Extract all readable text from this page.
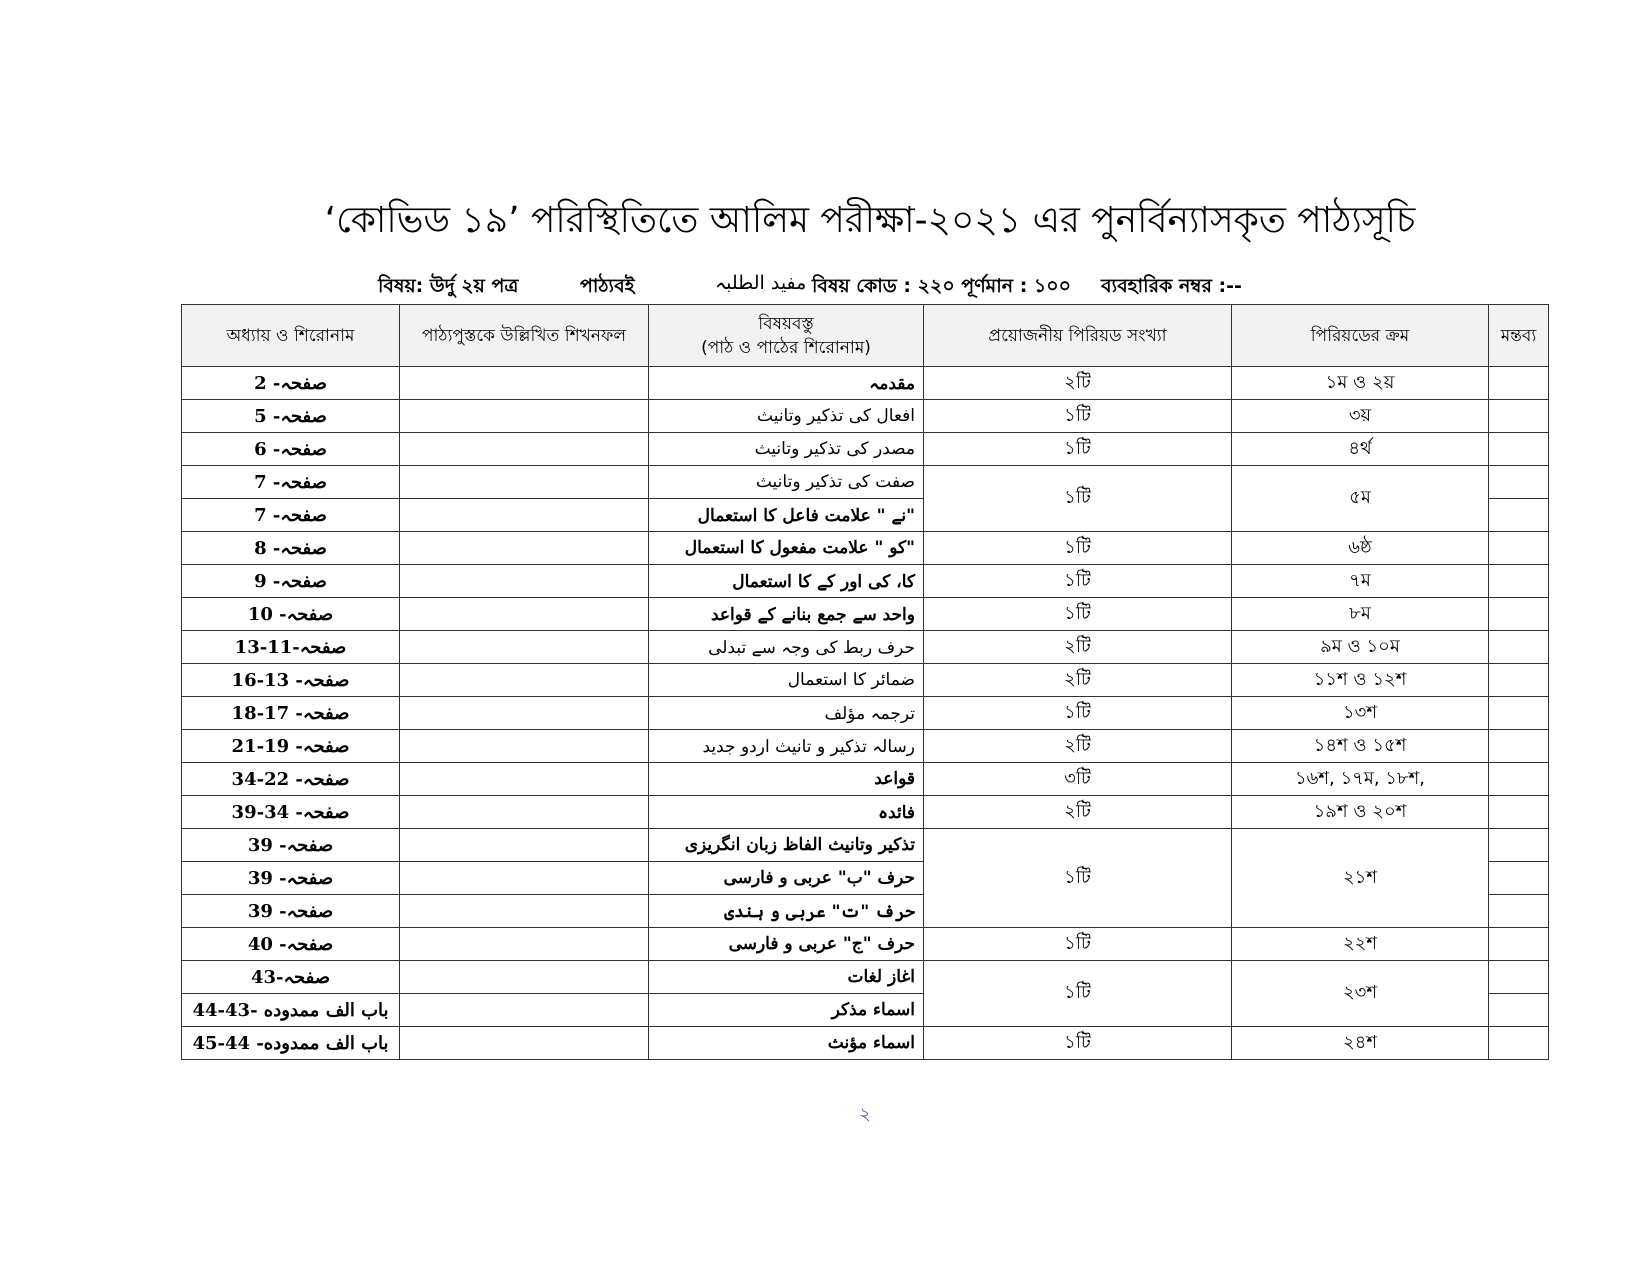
‘কোভিড ১৯’ পরিস্থিতিতে আলিম পরীক্ষা-২০২১ এর পুনর্বিন্যাসকৃত পাঠ্যসূচি
বিষয়: উর্দু ২য় পত্র	পাঠ্যবই	مفید الطلبہ বিষয় কোড : ২২০ পূর্ণমান : ১০০ ব্যবহারিক নম্বর :--
অধ্যায় ও শিরোনাম	পাঠ্যপুস্তকে উল্লিখিত শিখনফল	বিষয়বস্তু
(পাঠ ও পাঠের শিরোনাম)	প্রয়োজনীয় পিরিয়ড সংখ্যা	পিরিয়ডের ক্রম	মন্তব্য
صفحہ- 2		مقدمہ	২টি	১ম ও ২য়	
صفحہ- 5		افعال کی تذکیر وتانیث	১টি	৩য়	
صفحہ- 6		مصدر کی تذکیر وتانیث	১টি	৪র্থ	
صفحہ- 7		صفت کی تذکیر وتانیث	১টি	৫ম	
صفحہ- 7		"نے " علامت فاعل کا استعمال			
صفحہ- 8		"کو " علامت مفعول کا استعمال	১টি	৬ষ্ঠ	
صفحہ- 9		کا، کی اور کے کا استعمال	১টি	৭ম	
صفحہ- 10		واحد سے جمع بنانے کے قواعد	১টি	৮ম	
صفحہ-11-13		حرف ربط کی وجہ سے تبدلی	২টি	৯ম ও ১০ম	
صفحہ- 13-16		ضمائر کا استعمال	২টি	১১শ ও ১২শ	
صفحہ- 17-18		ترجمہ مؤلف	১টি	১৩শ	
صفحہ- 19-21		رسالہ تذکیر و تانیث اردو جدید	২টি	১৪শ ও ১৫শ	
صفحہ- 22-34		قواعد	৩টি	১৬শ, ১৭ম, ১৮শ,	
صفحہ- 34-39		فائدہ	২টি	১৯শ ও ২০শ	
صفحہ- 39		تذکیر وتانیث الفاظ زبان انگریزی	১টি	২১শ	
صفحہ- 39		حرف "ب" عربی و فارسی			
صفحہ- 39		حرف "ت" عربی و ہندی			
صفحہ- 40		حرف "ج" عربی و فارسی	১টি	২২শ	
صفحہ-43		اغاز لغات	১টি	২৩শ	
باب الف ممدوده -43-44		اسماء مذکر			
باب الف ممدوده- 44-45		اسماء مؤنث	১টি	২৪শ	
২
